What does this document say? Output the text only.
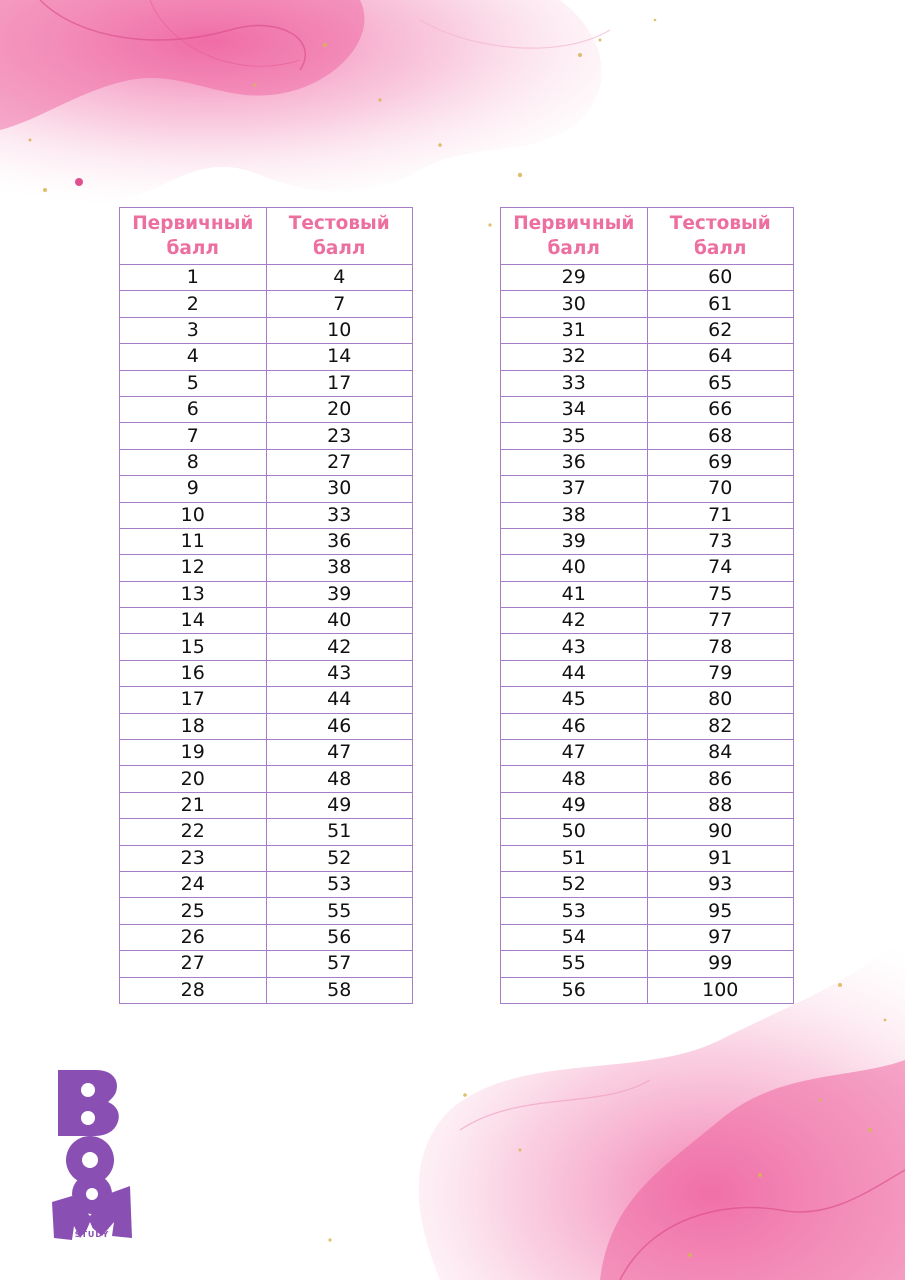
Первичный балл	Тестовый балл
1	4
2	7
3	10
4	14
5	17
6	20
7	23
8	27
9	30
10	33
11	36
12	38
13	39
14	40
15	42
16	43
17	44
18	46
19	47
20	48
21	49
22	51
23	52
24	53
25	55
26	56
27	57
28	58
Первичный балл	Тестовый балл
29	60
30	61
31	62
32	64
33	65
34	66
35	68
36	69
37	70
38	71
39	73
40	74
41	75
42	77
43	78
44	79
45	80
46	82
47	84
48	86
49	88
50	90
51	91
52	93
53	95
54	97
55	99
56	100
STUDY
